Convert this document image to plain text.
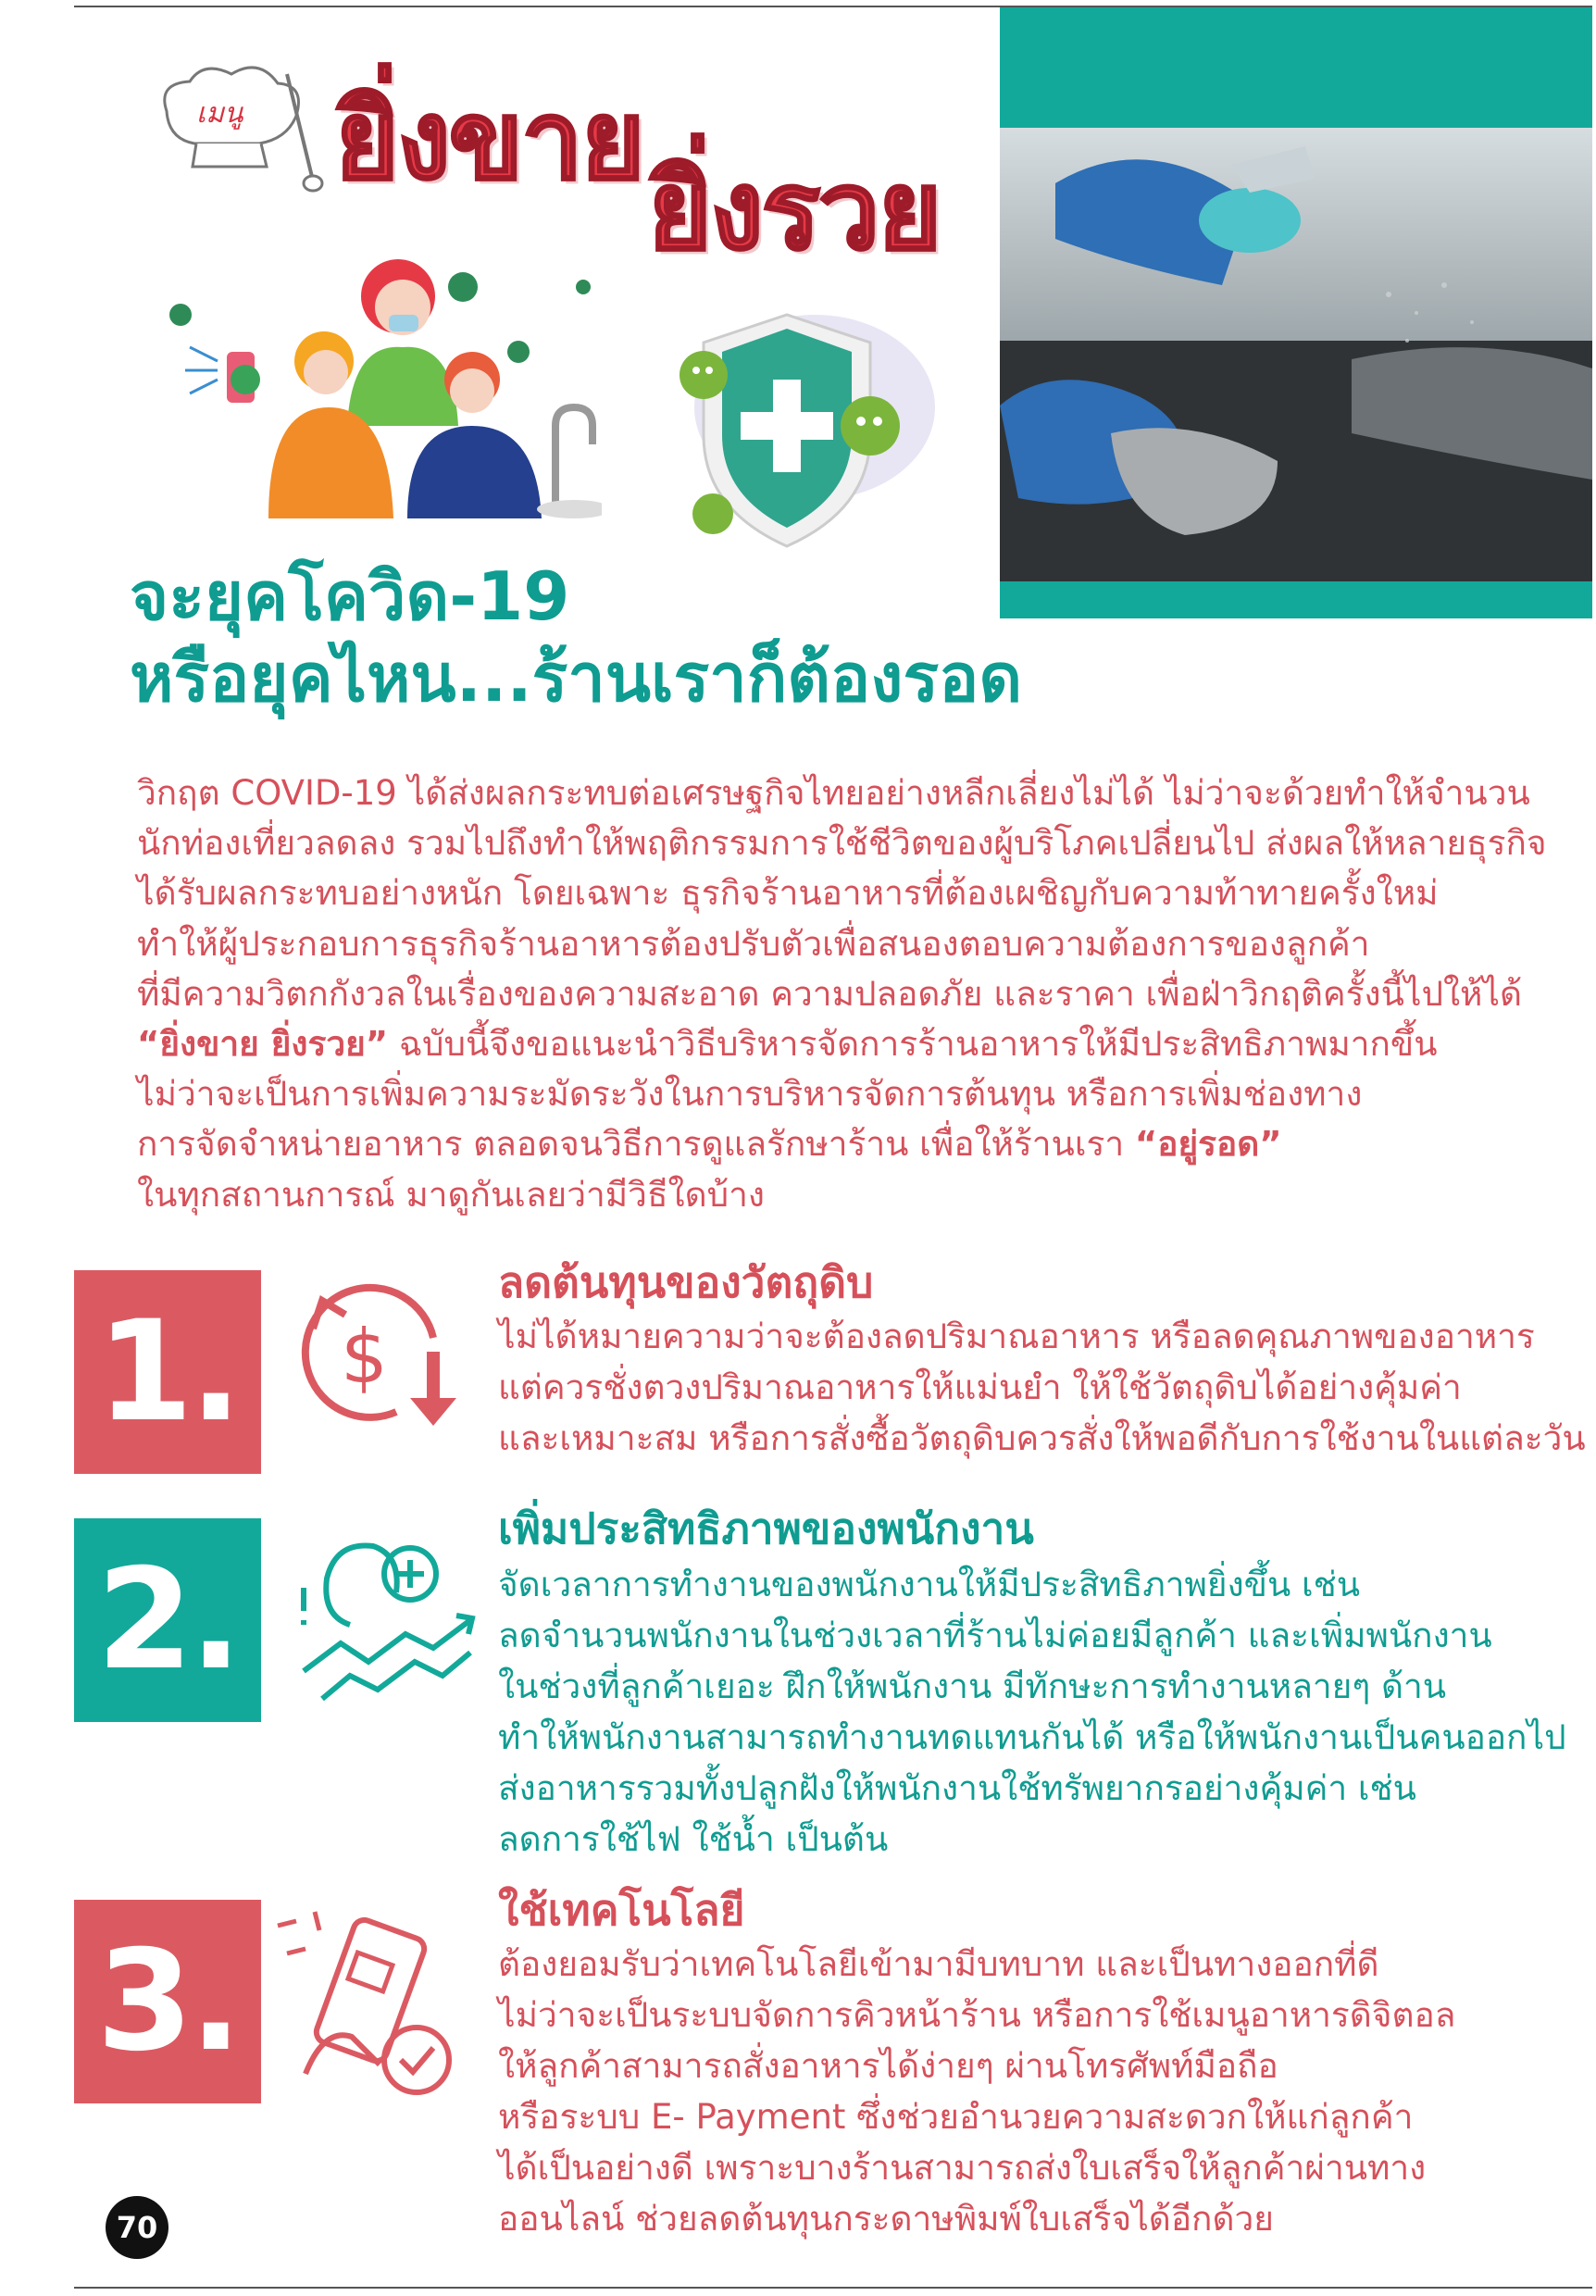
เมนู ยิ่งขาย
ยิ่งรวย
จะยุคโควิด-19
หรือยุคไหน...ร้านเราก็ต้องรอด
วิกฤต COVID-19 ได้ส่งผลกระทบต่อเศรษฐกิจไทยอย่างหลีกเลี่ยงไม่ได้ ไม่ว่าจะด้วยทำให้จำนวน
นักท่องเที่ยวลดลง รวมไปถึงทำให้พฤติกรรมการใช้ชีวิตของผู้บริโภคเปลี่ยนไป ส่งผลให้หลายธุรกิจ
ได้รับผลกระทบอย่างหนัก โดยเฉพาะ ธุรกิจร้านอาหารที่ต้องเผชิญกับความท้าทายครั้งใหม่
ทำให้ผู้ประกอบการธุรกิจร้านอาหารต้องปรับตัวเพื่อสนองตอบความต้องการของลูกค้า
ที่มีความวิตกกังวลในเรื่องของความสะอาด ความปลอดภัย และราคา เพื่อฝ่าวิกฤติครั้งนี้ไปให้ได้
“ยิ่งขาย ยิ่งรวย” ฉบับนี้จึงขอแนะนำวิธีบริหารจัดการร้านอาหารให้มีประสิทธิภาพมากขึ้น
ไม่ว่าจะเป็นการเพิ่มความระมัดระวังในการบริหารจัดการต้นทุน หรือการเพิ่มช่องทาง
การจัดจำหน่ายอาหาร ตลอดจนวิธีการดูแลรักษาร้าน เพื่อให้ร้านเรา “อยู่รอด”
ในทุกสถานการณ์ มาดูกันเลยว่ามีวิธีใดบ้าง
1.	$
ลดต้นทุนของวัตถุดิบ
ไม่ได้หมายความว่าจะต้องลดปริมาณอาหาร หรือลดคุณภาพของอาหาร
แต่ควรชั่งตวงปริมาณอาหารให้แม่นยำ ให้ใช้วัตถุดิบได้อย่างคุ้มค่า
และเหมาะสม หรือการสั่งซื้อวัตถุดิบควรสั่งให้พอดีกับการใช้งานในแต่ละวัน
2.
เพิ่มประสิทธิภาพของพนักงาน
จัดเวลาการทำงานของพนักงานให้มีประสิทธิภาพยิ่งขึ้น เช่น
ลดจำนวนพนักงานในช่วงเวลาที่ร้านไม่ค่อยมีลูกค้า และเพิ่มพนักงาน
ในช่วงที่ลูกค้าเยอะ ฝึกให้พนักงาน มีทักษะการทำงานหลายๆ ด้าน
ทำให้พนักงานสามารถทำงานทดแทนกันได้ หรือให้พนักงานเป็นคนออกไป
ส่งอาหารรวมทั้งปลูกฝังให้พนักงานใช้ทรัพยากรอย่างคุ้มค่า เช่น
ลดการใช้ไฟ ใช้น้ำ เป็นต้น
3.
ใช้เทคโนโลยี
ต้องยอมรับว่าเทคโนโลยีเข้ามามีบทบาท และเป็นทางออกที่ดี
ไม่ว่าจะเป็นระบบจัดการคิวหน้าร้าน หรือการใช้เมนูอาหารดิจิตอล
ให้ลูกค้าสามารถสั่งอาหารได้ง่ายๆ ผ่านโทรศัพท์มือถือ
หรือระบบ E- Payment ซึ่งช่วยอำนวยความสะดวกให้แก่ลูกค้า
ได้เป็นอย่างดี เพราะบางร้านสามารถส่งใบเสร็จให้ลูกค้าผ่านทาง
ออนไลน์ ช่วยลดต้นทุนกระดาษพิมพ์ใบเสร็จได้อีกด้วย
70
